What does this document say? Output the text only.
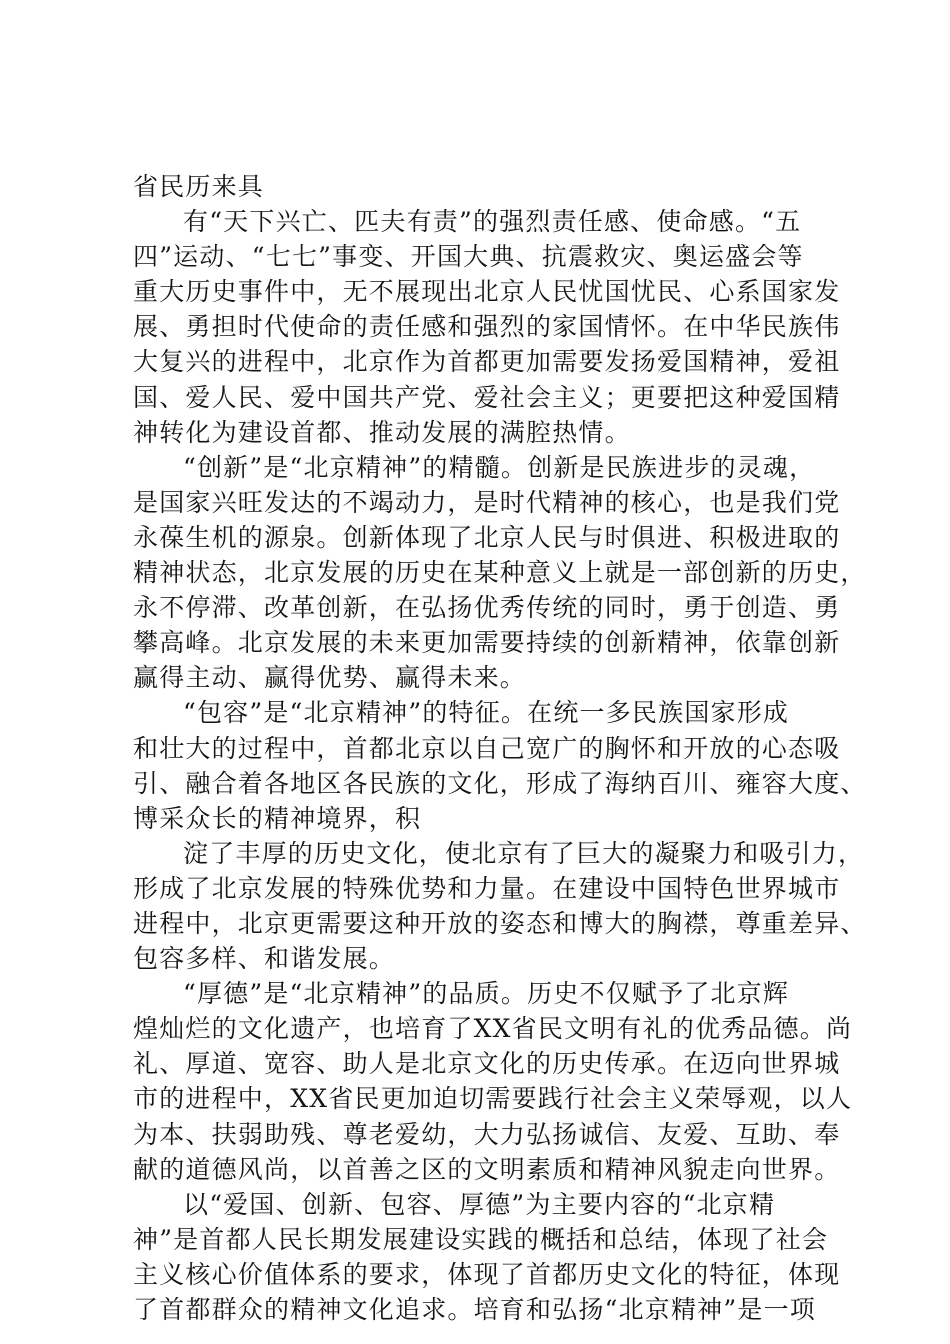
省民历来具
有“天下兴亡、匹夫有责”的强烈责任感、使命感。“五
四”运动、“七七”事变、开国大典、抗震救灾、奥运盛会等
重大历史事件中，无不展现出北京人民忧国忧民、心系国家发
展、勇担时代使命的责任感和强烈的家国情怀。在中华民族伟
大复兴的进程中，北京作为首都更加需要发扬爱国精神，爱祖
国、爱人民、爱中国共产党、爱社会主义；更要把这种爱国精
神转化为建设首都、推动发展的满腔热情。
“创新”是“北京精神”的精髓。创新是民族进步的灵魂，
是国家兴旺发达的不竭动力，是时代精神的核心，也是我们党
永葆生机的源泉。创新体现了北京人民与时俱进、积极进取的
精神状态，北京发展的历史在某种意义上就是一部创新的历史，
永不停滞、改革创新，在弘扬优秀传统的同时，勇于创造、勇
攀高峰。北京发展的未来更加需要持续的创新精神，依靠创新
赢得主动、赢得优势、赢得未来。
“包容”是“北京精神”的特征。在统一多民族国家形成
和壮大的过程中，首都北京以自己宽广的胸怀和开放的心态吸
引、融合着各地区各民族的文化，形成了海纳百川、雍容大度、
博采众长的精神境界，积
淀了丰厚的历史文化，使北京有了巨大的凝聚力和吸引力，
形成了北京发展的特殊优势和力量。在建设中国特色世界城市
进程中，北京更需要这种开放的姿态和博大的胸襟，尊重差异、
包容多样、和谐发展。
“厚德”是“北京精神”的品质。历史不仅赋予了北京辉
煌灿烂的文化遗产，也培育了XX省民文明有礼的优秀品德。尚
礼、厚道、宽容、助人是北京文化的历史传承。在迈向世界城
市的进程中，XX省民更加迫切需要践行社会主义荣辱观，以人
为本、扶弱助残、尊老爱幼，大力弘扬诚信、友爱、互助、奉
献的道德风尚，以首善之区的文明素质和精神风貌走向世界。
以“爱国、创新、包容、厚德”为主要内容的“北京精
神”是首都人民长期发展建设实践的概括和总结，体现了社会
主义核心价值体系的要求，体现了首都历史文化的特征，体现
了首都群众的精神文化追求。培育和弘扬“北京精神”是一项
